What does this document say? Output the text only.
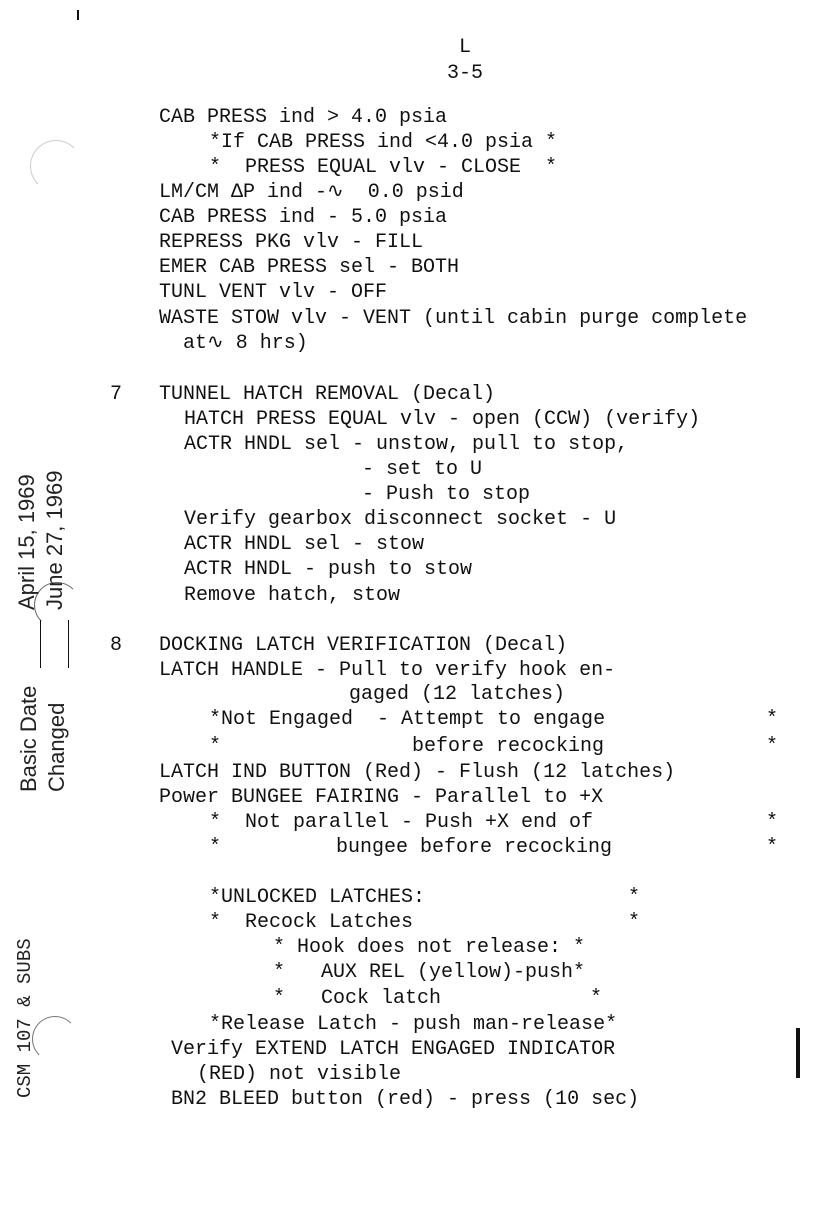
L
3-5
CAB PRESS ind > 4.0 psia
*If CAB PRESS ind <4.0 psia *
*  PRESS EQUAL vlv - CLOSE  *
LM/CM ΔP ind -∿  0.0 psid
CAB PRESS ind - 5.0 psia
REPRESS PKG vlv - FILL
EMER CAB PRESS sel - BOTH
TUNL VENT vlv - OFF
WASTE STOW vlv - VENT (until cabin purge complete
at∿ 8 hrs)
7 TUNNEL HATCH REMOVAL (Decal)
HATCH PRESS EQUAL vlv - open (CCW) (verify)
ACTR HNDL sel - unstow, pull to stop,
- set to U
- Push to stop
Verify gearbox disconnect socket - U
ACTR HNDL sel - stow
ACTR HNDL - push to stow
Remove hatch, stow
8 DOCKING LATCH VERIFICATION (Decal)
LATCH HANDLE - Pull to verify hook en-
gaged (12 latches)
*Not Engaged  - Attempt to engage	*
*	before recocking	*
LATCH IND BUTTON (Red) - Flush (12 latches)
Power BUNGEE FAIRING - Parallel to +X
*  Not parallel - Push +X end of	*
*	bungee before recocking	*
*UNLOCKED LATCHES:	*
*  Recock Latches	*
* Hook does not release: *
*   AUX REL (yellow)-push*
*   Cock latch	*
*Release Latch - push man-release*
Verify EXTEND LATCH ENGAGED INDICATOR
(RED) not visible
BN2 BLEED button (red) - press (10 sec)
Basic Date Changed
April 15, 1969 June 27, 1969
CSM 107 & SUBS
